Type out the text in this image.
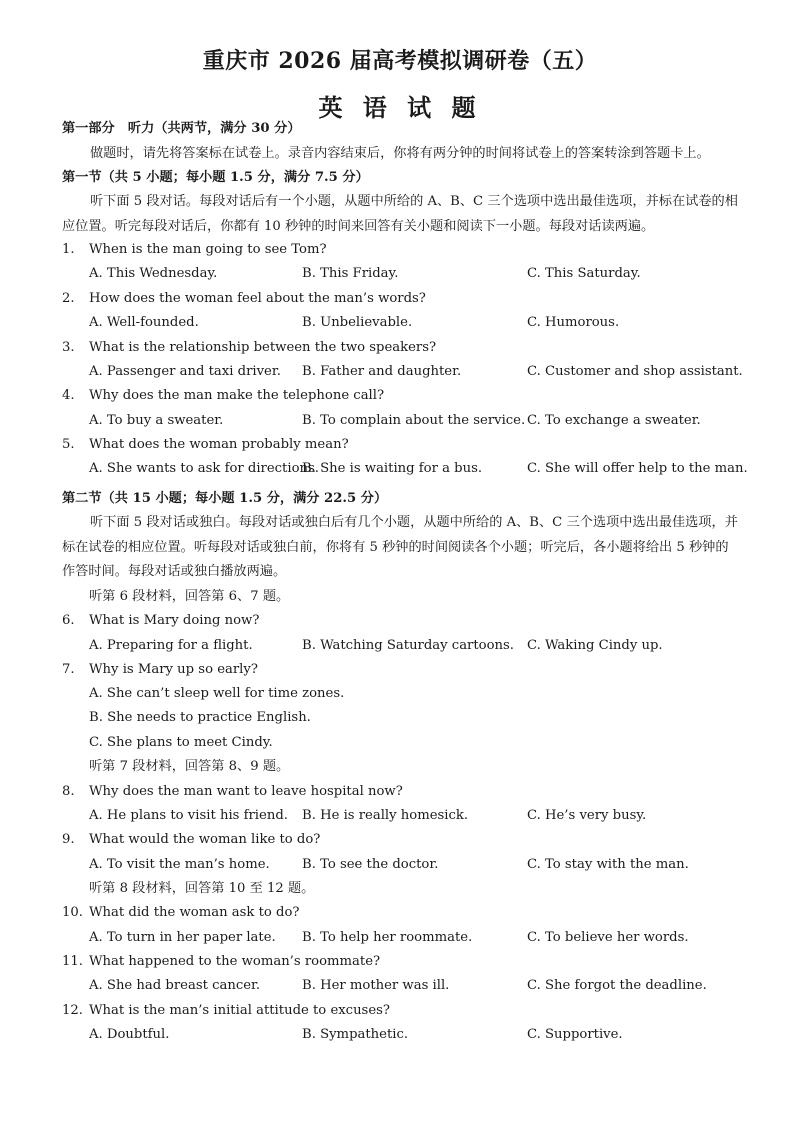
重庆市 2026 届高考模拟调研卷（五）
英 语 试 题
第一部分　听力（共两节，满分 30 分）
做题时，请先将答案标在试卷上。录音内容结束后，你将有两分钟的时间将试卷上的答案转涂到答题卡上。
第一节（共 5 小题；每小题 1.5 分，满分 7.5 分）
听下面 5 段对话。每段对话后有一个小题，从题中所给的 A、B、C 三个选项中选出最佳选项，并标在试卷的相应位置。听完每段对话后，你都有 10 秒钟的时间来回答有关小题和阅读下一小题。每段对话读两遍。
1. When is the man going to see Tom?
A. This Wednesday.	B. This Friday.	C. This Saturday.
2. How does the woman feel about the man’s words?
A. Well-founded.	B. Unbelievable.	C. Humorous.
3. What is the relationship between the two speakers?
A. Passenger and taxi driver. B. Father and daughter.	C. Customer and shop assistant.
4. Why does the man make the telephone call?
A. To buy a sweater.	B. To complain about the service. C. To exchange a sweater.
5. What does the woman probably mean?
A. She wants to ask for directions.
B. She is waiting for a bus.	C. She will offer help to the man.
第二节（共 15 小题；每小题 1.5 分，满分 22.5 分）
听下面 5 段对话或独白。每段对话或独白后有几个小题，从题中所给的 A、B、C 三个选项中选出最佳选项，并标在试卷的相应位置。听每段对话或独白前，你将有 5 秒钟的时间阅读各个小题；听完后，各小题将给出 5 秒钟的作答时间。每段对话或独白播放两遍。
听第 6 段材料，回答第 6、7 题。
6. What is Mary doing now?
A. Preparing for a flight.	B. Watching Saturday cartoons. C. Waking Cindy up.
7. Why is Mary up so early?
A. She can’t sleep well for time zones.
B. She needs to practice English.
C. She plans to meet Cindy.
听第 7 段材料，回答第 8、9 题。
8. Why does the man want to leave hospital now?
A. He plans to visit his friend. B. He is really homesick.	C. He’s very busy.
9. What would the woman like to do?
A. To visit the man’s home. B. To see the doctor.	C. To stay with the man.
听第 8 段材料，回答第 10 至 12 题。
10. What did the woman ask to do?
A. To turn in her paper late. B. To help her roommate.	C. To believe her words.
11. What happened to the woman’s roommate?
A. She had breast cancer.	B. Her mother was ill.	C. She forgot the deadline.
12. What is the man’s initial attitude to excuses?
A. Doubtful.	B. Sympathetic.	C. Supportive.
